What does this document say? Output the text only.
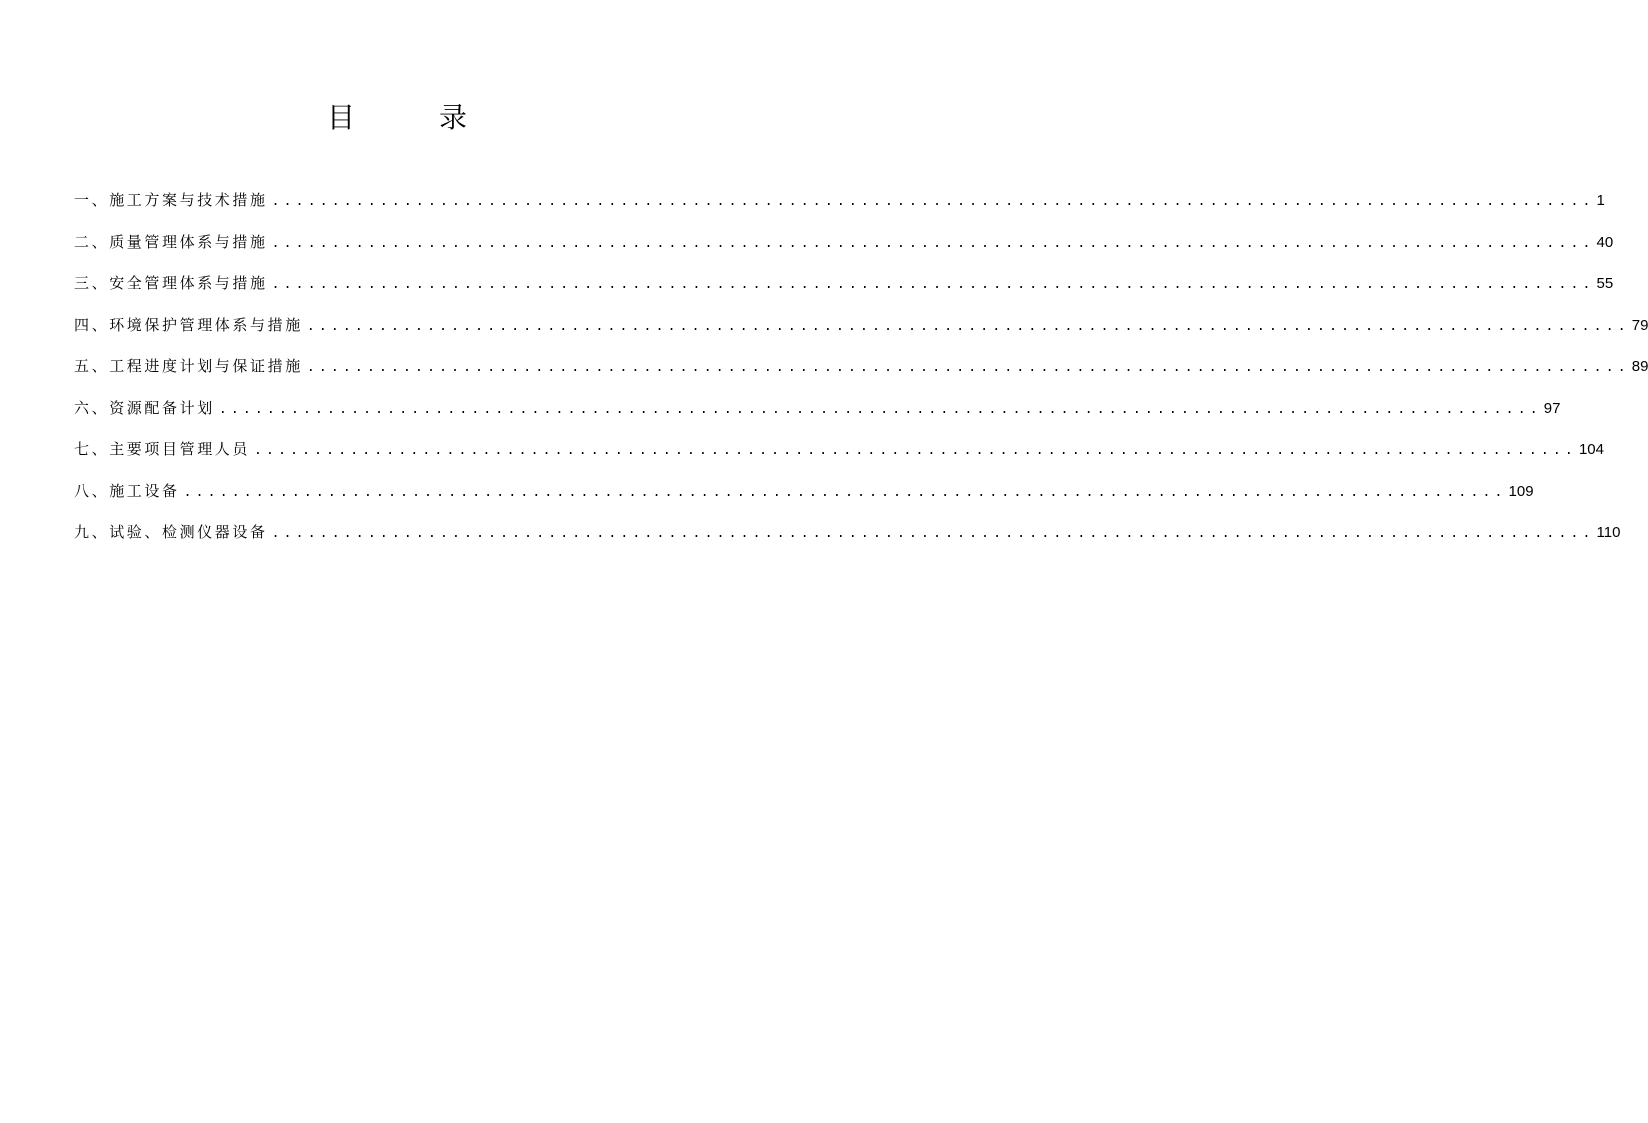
目　录
一、施工方案与技术措施 .............................................................................................................. 1
二、质量管理体系与措施 .............................................................................................................. 40
三、安全管理体系与措施 .............................................................................................................. 55
四、环境保护管理体系与措施 .............................................................................................................. 79
五、工程进度计划与保证措施 .............................................................................................................. 89
六、资源配备计划 .............................................................................................................. 97
七、主要项目管理人员 .............................................................................................................. 104
八、施工设备 .............................................................................................................. 109
九、试验、检测仪器设备 .............................................................................................................. 110
